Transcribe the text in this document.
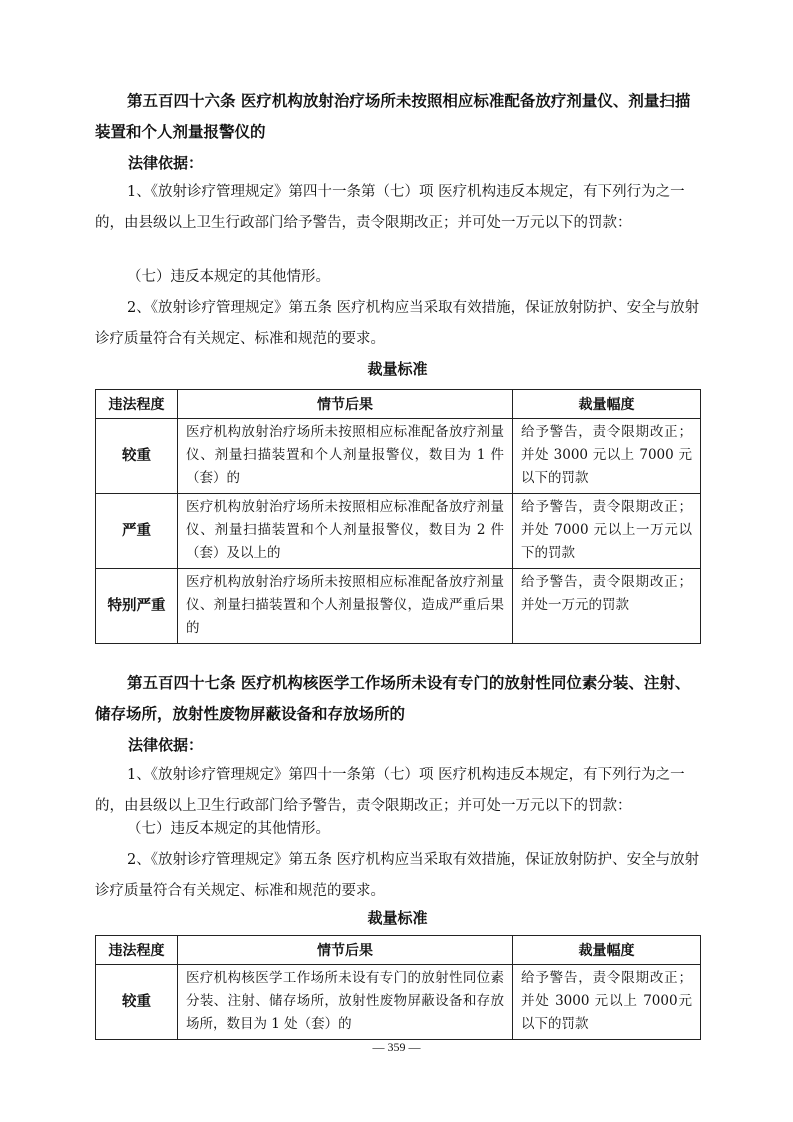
第五百四十六条 医疗机构放射治疗场所未按照相应标准配备放疗剂量仪、剂量扫描装置和个人剂量报警仪的

法律依据：

1、《放射诊疗管理规定》第四十一条第（七）项 医疗机构违反本规定，有下列行为之一的，由县级以上卫生行政部门给予警告，责令限期改正；并可处一万元以下的罚款：

（七）违反本规定的其他情形。

2、《放射诊疗管理规定》第五条 医疗机构应当采取有效措施，保证放射防护、安全与放射诊疗质量符合有关规定、标准和规范的要求。

裁量标准

违法程度	情节后果	裁量幅度
较重	医疗机构放射治疗场所未按照相应标准配备放疗剂量仪、剂量扫描装置和个人剂量报警仪，数目为 1 件（套）的	给予警告，责令限期改正；并处 3000 元以上 7000 元以下的罚款
严重	医疗机构放射治疗场所未按照相应标准配备放疗剂量仪、剂量扫描装置和个人剂量报警仪，数目为 2 件（套）及以上的	给予警告，责令限期改正；并处 7000 元以上一万元以下的罚款
特别严重	医疗机构放射治疗场所未按照相应标准配备放疗剂量仪、剂量扫描装置和个人剂量报警仪，造成严重后果的	给予警告，责令限期改正；并处一万元的罚款

第五百四十七条 医疗机构核医学工作场所未设有专门的放射性同位素分装、注射、储存场所，放射性废物屏蔽设备和存放场所的

法律依据：

1、《放射诊疗管理规定》第四十一条第（七）项 医疗机构违反本规定，有下列行为之一的，由县级以上卫生行政部门给予警告，责令限期改正；并可处一万元以下的罚款：

（七）违反本规定的其他情形。

2、《放射诊疗管理规定》第五条 医疗机构应当采取有效措施，保证放射防护、安全与放射诊疗质量符合有关规定、标准和规范的要求。

裁量标准

违法程度	情节后果	裁量幅度
较重	医疗机构核医学工作场所未设有专门的放射性同位素分装、注射、储存场所，放射性废物屏蔽设备和存放场所，数目为 1 处（套）的	给予警告，责令限期改正；并处 3000 元以上 7000元以下的罚款

— 359 —
